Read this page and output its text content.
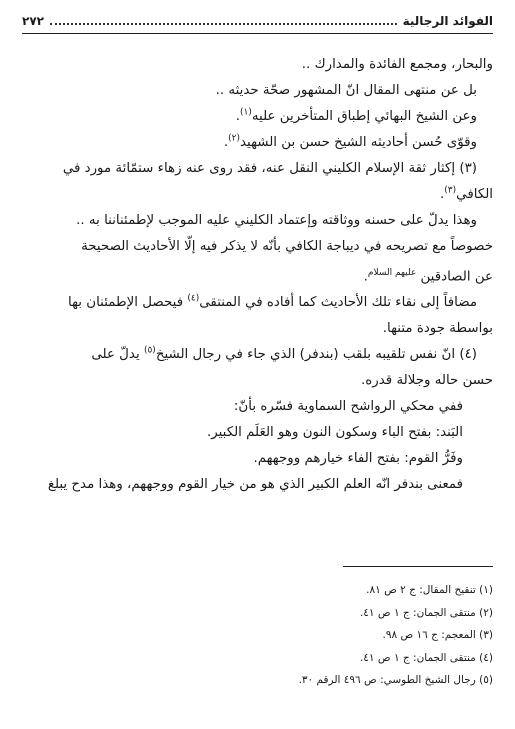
الفوائد الرجالية
٢٧٢

والبحار، ومجمع الفائدة والمدارك ..

بل عن منتهى المقال انّ المشهور صحّة حديثه ..

وعن الشيخ البهائي إطباق المتأخرين عليه$^{(١)}$.

وقوّى حُسن أحاديثه الشيخ حسن بن الشهيد$^{(٢)}$.

(٣) إكثار ثقة الإسلام الكليني النقل عنه، فقد روى عنه زهاء ستمّائة مورد في

الكافي$^{(٣)}$.

وهذا يدلّ على حسنه ووثاقته وإعتماد الكليني عليه الموجب لإطمئناننا به ..

خصوصاً مع تصريحه في ديباجة الكافي بأنّه لا يذكر فيه إلّا الأحاديث الصحيحة

عن الصادقين $^{عليهم السلام}$.

مضافاً إلى نقاء تلك الأحاديث كما أفاده في المنتقى$^{(٤)}$ فيحصل الإطمئنان بها

بواسطة جودة متنها.

(٤) انّ نفس تلقيبه بلقب (بندفر) الذي جاء في رجال الشيخ$^{(٥)}$ يدلّ على

حسن حاله وجلالة قدره.

ففي محكي الرواشح السماوية فسّره بأنّ:

البَند: بفتح الباء وسكون النون وهو العَلَم الكبير.

وفَرُّ القوم: بفتح الفاء خيارهم ووجههم.

فمعنى بندفر انّه العلم الكبير الذي هو من خيار القوم ووجههم، وهذا مدح يبلغ

(١) تنقيح المقال: ج ٢ ص ٨١.
(٢) منتقى الجمان: ج ١ ص ٤١.
(٣) المعجم: ج ١٦ ص ٩٨.
(٤) منتقى الجمان: ج ١ ص ٤١.
(٥) رجال الشيخ الطوسي: ص ٤٩٦ الرقم ٣٠.
